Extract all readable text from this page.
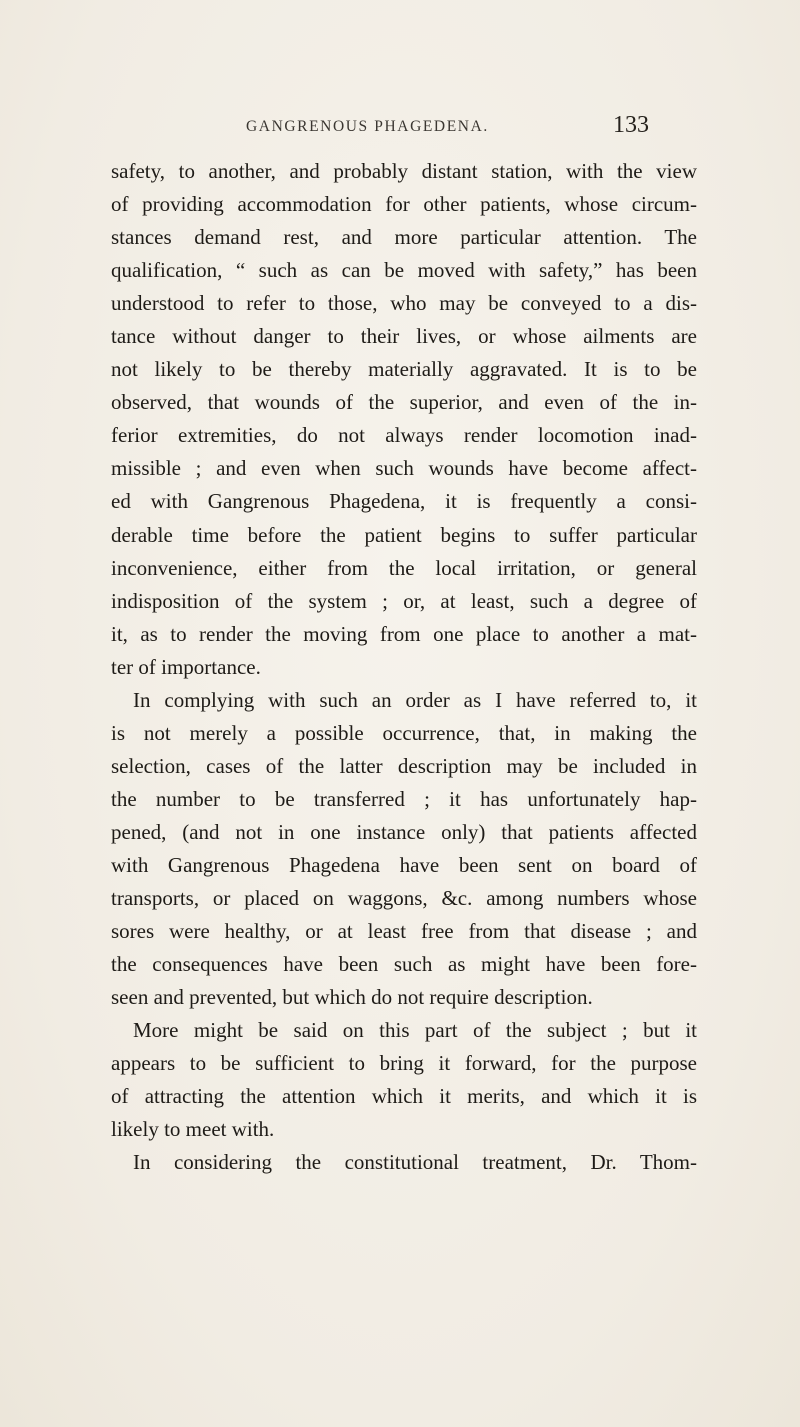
GANGRENOUS PHAGEDENA.	133
safety, to another, and probably distant station, with the view
of providing accommodation for other patients, whose circum-
stances demand rest, and more particular attention. The
qualification, “ such as can be moved with safety,” has been
understood to refer to those, who may be conveyed to a dis-
tance without danger to their lives, or whose ailments are
not likely to be thereby materially aggravated. It is to be
observed, that wounds of the superior, and even of the in-
ferior extremities, do not always render locomotion inad-
missible ; and even when such wounds have become affect-
ed with Gangrenous Phagedena, it is frequently a consi-
derable time before the patient begins to suffer particular
inconvenience, either from the local irritation, or general
indisposition of the system ; or, at least, such a degree of
it, as to render the moving from one place to another a mat-
ter of importance.
In complying with such an order as I have referred to, it
is not merely a possible occurrence, that, in making the
selection, cases of the latter description may be included in
the number to be transferred ; it has unfortunately hap-
pened, (and not in one instance only) that patients affected
with Gangrenous Phagedena have been sent on board of
transports, or placed on waggons, &c. among numbers whose
sores were healthy, or at least free from that disease ; and
the consequences have been such as might have been fore-
seen and prevented, but which do not require description.
More might be said on this part of the subject ; but it
appears to be sufficient to bring it forward, for the purpose
of attracting the attention which it merits, and which it is
likely to meet with.
In considering the constitutional treatment, Dr. Thom-
